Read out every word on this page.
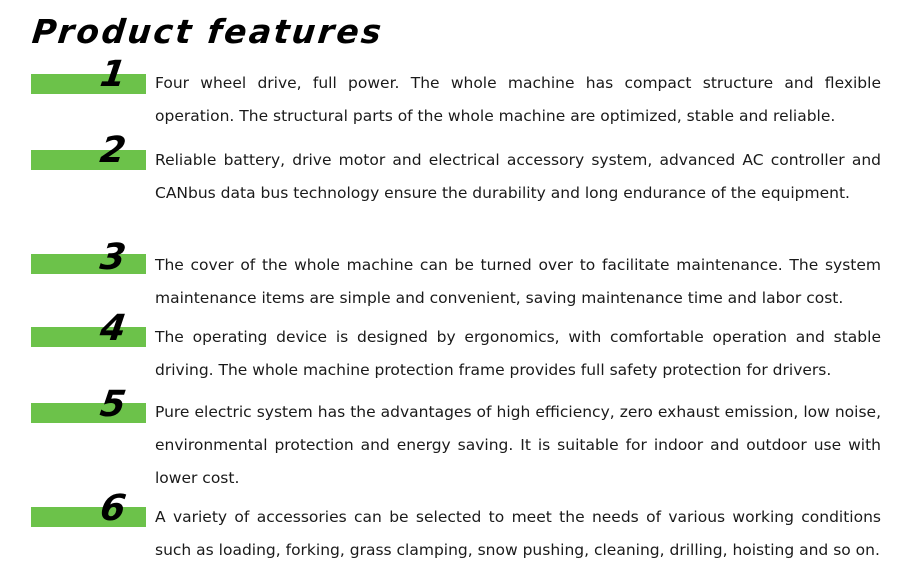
Product features
1 Four wheel drive, full power. The whole machine has compact structure and flexible operation. The structural parts of the whole machine are optimized, stable and reliable.

2 Reliable battery, drive motor and electrical accessory system, advanced AC controller and CANbus data bus technology ensure the durability and long endurance of the equipment.

3 The cover of the whole machine can be turned over to facilitate maintenance. The system maintenance items are simple and convenient, saving maintenance time and labor cost.

4 The operating device is designed by ergonomics, with comfortable operation and stable driving. The whole machine protection frame provides full safety protection for drivers.

5 Pure electric system has the advantages of high efficiency, zero exhaust emission, low noise, environmental protection and energy saving. It is suitable for indoor and outdoor use with lower cost.

6 A variety of accessories can be selected to meet the needs of various working conditions such as loading, forking, grass clamping, snow pushing, cleaning, drilling, hoisting and so on.
